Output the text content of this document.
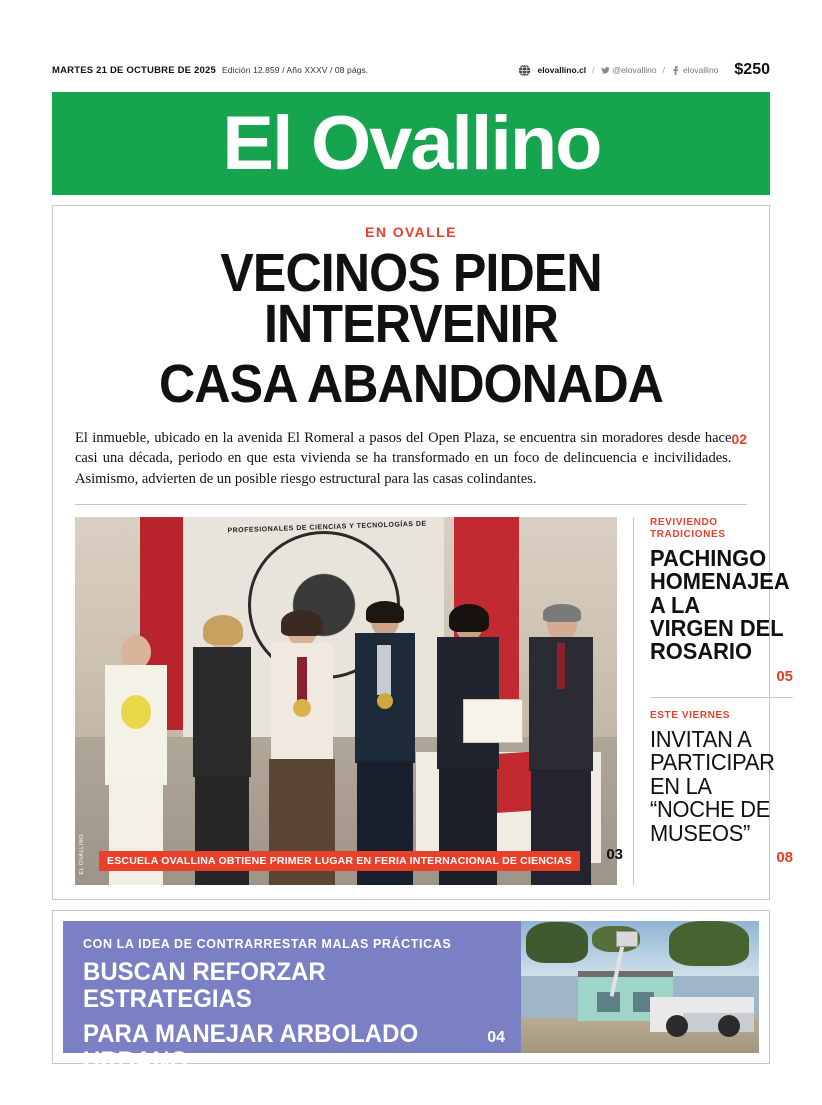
MARTES 21 DE OCTUBRE DE 2025 Edición 12.859 / Año XXXV / 08 págs.	elovallino.cl / @elovallino / elovallino $250
El Ovallino
EN OVALLE
VECINOS PIDEN INTERVENIR
CASA ABANDONADA
02
El inmueble, ubicado en la avenida El Romeral a pasos del Open Plaza, se encuentra sin moradores desde hace casi una década, periodo en que esta vivienda se ha transformado en un foco de delincuencia e incivilidades. Asimismo, advierten de un posible riesgo estructural para las casas colindantes.
PROFESIONALES DE CIENCIAS Y TECNOLOGÍAS DE
EL OVALLINO	ESCUELA OVALLINA OBTIENE PRIMER LUGAR EN FERIA INTERNACIONAL DE CIENCIAS	03
REVIVIENDO TRADICIONES
PACHINGO HOMENAJEA A LA VIRGEN DEL ROSARIO
05
ESTE VIERNES
INVITAN A PARTICIPAR EN LA “NOCHE DE MUSEOS”
08
CON LA IDEA DE CONTRARRESTAR MALAS PRÁCTICAS
BUSCAN REFORZAR ESTRATEGIAS
PARA MANEJAR ARBOLADO URBANO
04
